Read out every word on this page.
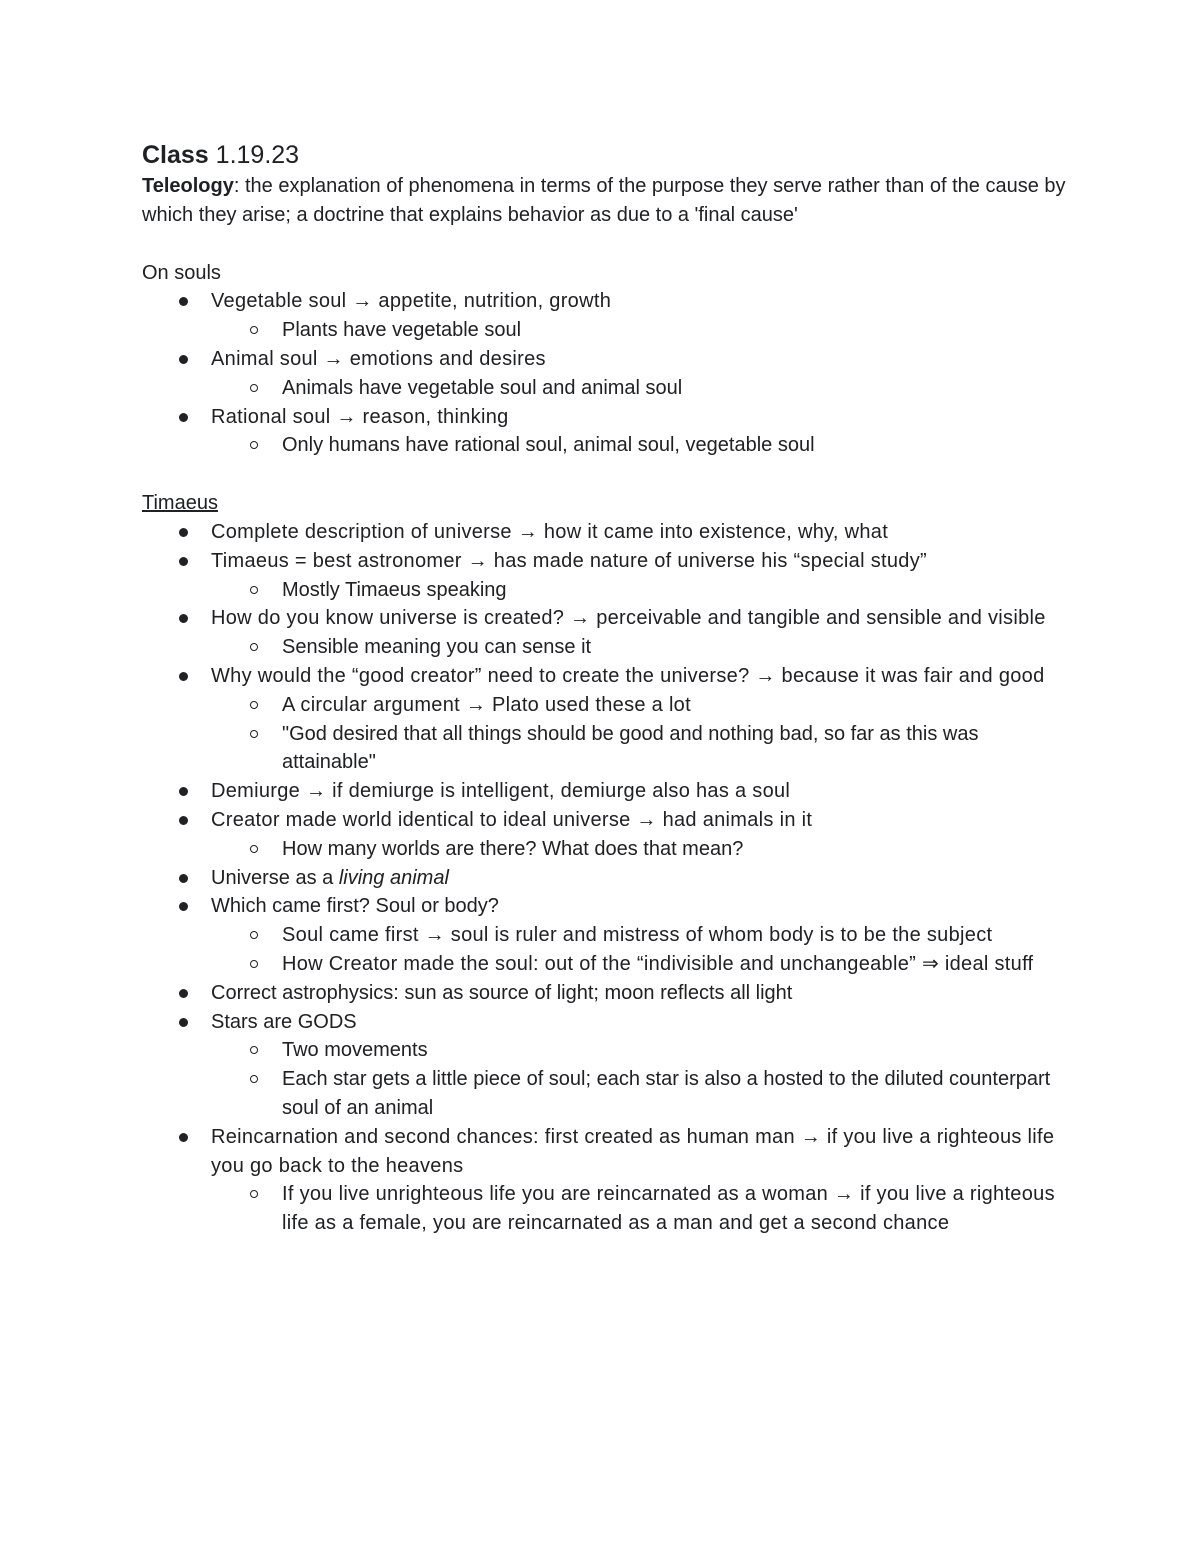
Class 1.19.23

Teleology: the explanation of phenomena in terms of the purpose they serve rather than of the cause by which they arise; a doctrine that explains behavior as due to a 'final cause'

On souls

Vegetable soul → appetite, nutrition, growth
Plants have vegetable soul
Animal soul → emotions and desires
Animals have vegetable soul and animal soul
Rational soul → reason, thinking
Only humans have rational soul, animal soul, vegetable soul

Timaeus

Complete description of universe → how it came into existence, why, what
Timaeus = best astronomer → has made nature of universe his “special study”
Mostly Timaeus speaking
How do you know universe is created? → perceivable and tangible and sensible and visible
Sensible meaning you can sense it
Why would the “good creator” need to create the universe? → because it was fair and good
A circular argument → Plato used these a lot
"God desired that all things should be good and nothing bad, so far as this was attainable"
Demiurge → if demiurge is intelligent, demiurge also has a soul
Creator made world identical to ideal universe → had animals in it
How many worlds are there? What does that mean?
Universe as a living animal
Which came first? Soul or body?
Soul came first → soul is ruler and mistress of whom body is to be the subject
How Creator made the soul: out of the “indivisible and unchangeable” ⇒ ideal stuff
Correct astrophysics: sun as source of light; moon reflects all light
Stars are GODS
Two movements
Each star gets a little piece of soul; each star is also a hosted to the diluted counterpart soul of an animal
Reincarnation and second chances: first created as human man → if you live a righteous life you go back to the heavens
If you live unrighteous life you are reincarnated as a woman → if you live a righteous life as a female, you are reincarnated as a man and get a second chance
